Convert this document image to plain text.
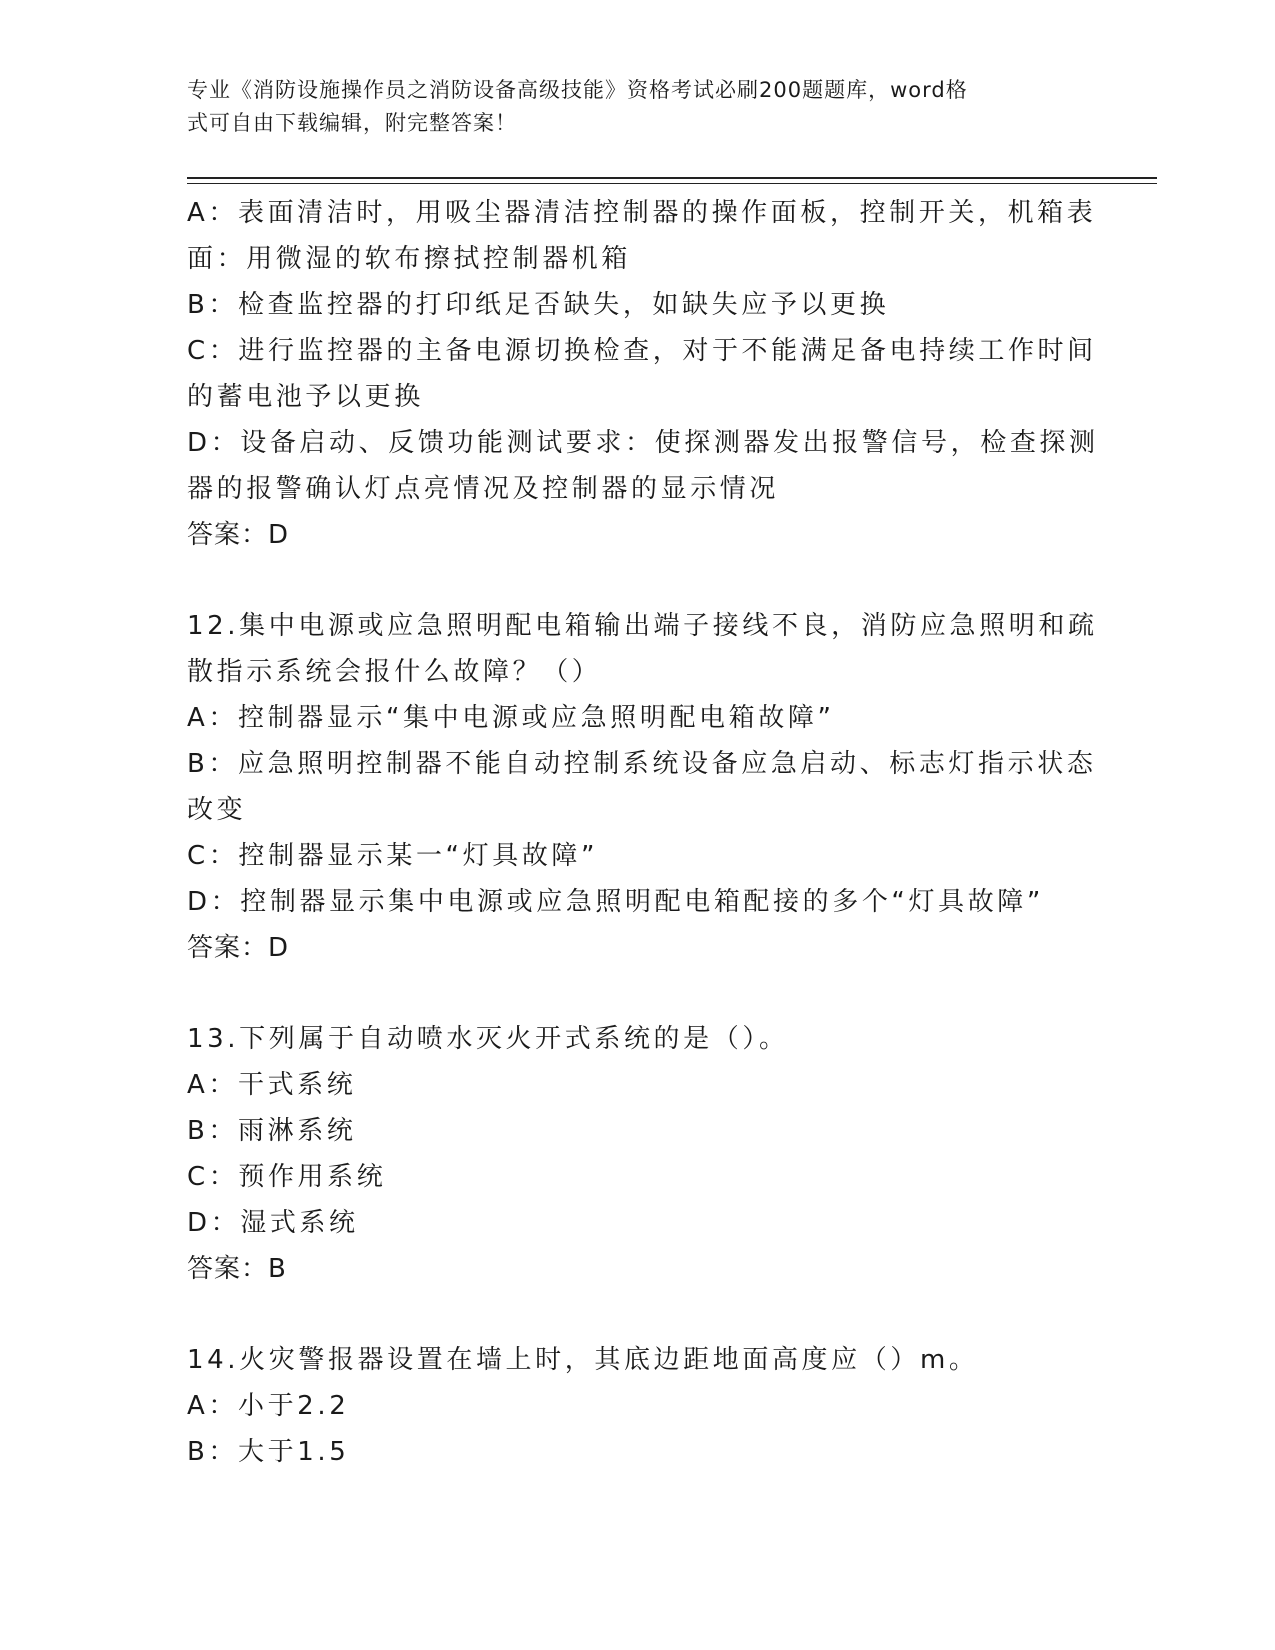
专业《消防设施操作员之消防设备高级技能》资格考试必刷200题题库，word格
式可自由下载编辑，附完整答案！
A：表面清洁时，用吸尘器清洁控制器的操作面板，控制开关，机箱表
面：用微湿的软布擦拭控制器机箱
B：检查监控器的打印纸足否缺失，如缺失应予以更换
C：进行监控器的主备电源切换检查，对于不能满足备电持续工作时间
的蓄电池予以更换
D：设备启动、反馈功能测试要求：使探测器发出报警信号，检查探测
器的报警确认灯点亮情况及控制器的显示情况
答案：D
12.集中电源或应急照明配电箱输出端子接线不良，消防应急照明和疏
散指示系统会报什么故障？（）
A：控制器显示“集中电源或应急照明配电箱故障”
B：应急照明控制器不能自动控制系统设备应急启动、标志灯指示状态
改变
C：控制器显示某一“灯具故障”
D：控制器显示集中电源或应急照明配电箱配接的多个“灯具故障”
答案：D
13.下列属于自动喷水灭火开式系统的是（）。
A：干式系统
B：雨淋系统
C：预作用系统
D：湿式系统
答案：B
14.火灾警报器设置在墙上时，其底边距地面高度应（）m。
A：小于2.2
B：大于1.5
